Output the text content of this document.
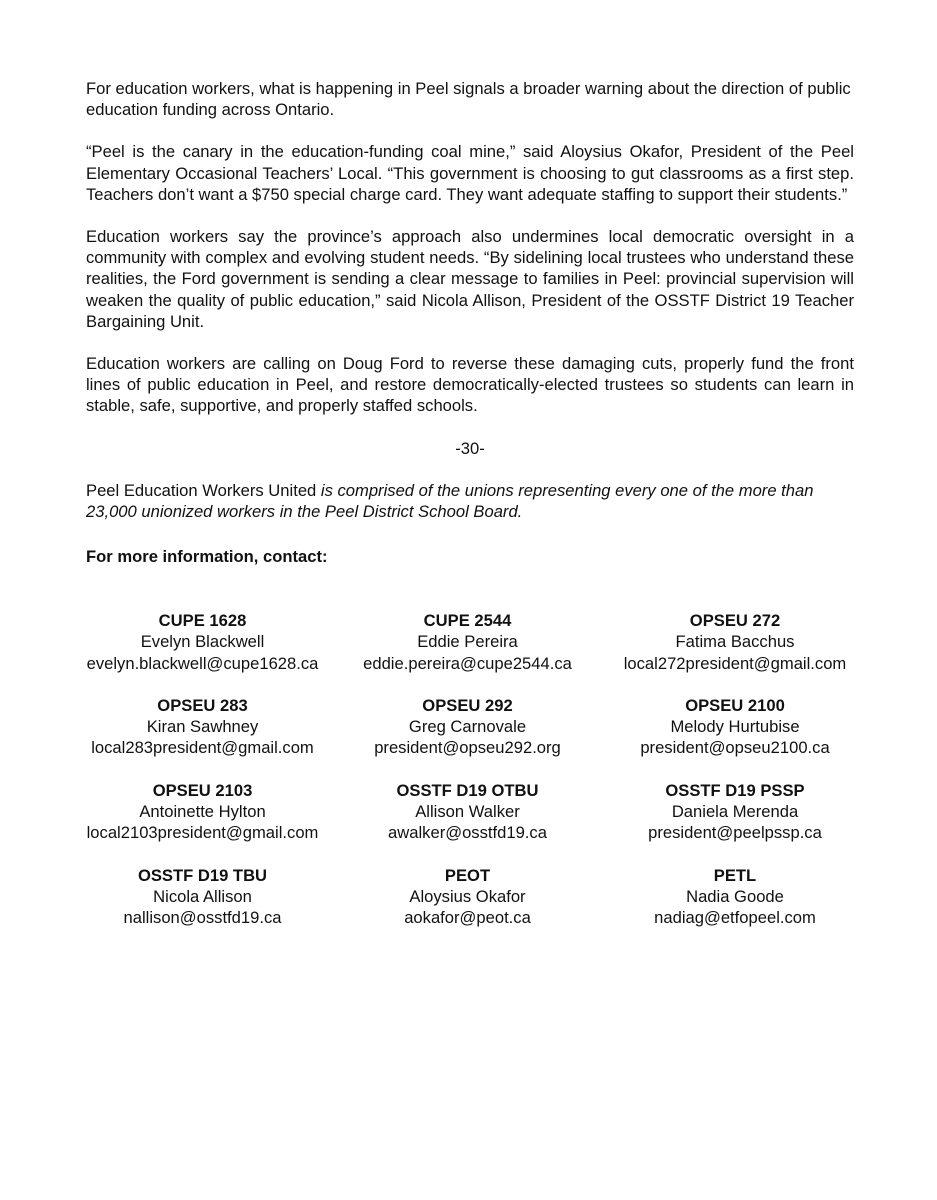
For education workers, what is happening in Peel signals a broader warning about the direction of public education funding across Ontario.

“Peel is the canary in the education-funding coal mine,” said Aloysius Okafor, President of the Peel Elementary Occasional Teachers’ Local. “This government is choosing to gut classrooms as a first step. Teachers don’t want a $750 special charge card. They want adequate staffing to support their students.”

Education workers say the province’s approach also undermines local democratic oversight in a community with complex and evolving student needs. “By sidelining local trustees who understand these realities, the Ford government is sending a clear message to families in Peel: provincial supervision will weaken the quality of public education,” said Nicola Allison, President of the OSSTF District 19 Teacher Bargaining Unit.

Education workers are calling on Doug Ford to reverse these damaging cuts, properly fund the front lines of public education in Peel, and restore democratically-elected trustees so students can learn in stable, safe, supportive, and properly staffed schools.

-30-

Peel Education Workers United is comprised of the unions representing every one of the more than 23,000 unionized workers in the Peel District School Board.

For more information, contact:
CUPE 1628
Evelyn Blackwell
evelyn.blackwell@cupe1628.ca
CUPE 2544
Eddie Pereira
eddie.pereira@cupe2544.ca
OPSEU 272
Fatima Bacchus
local272president@gmail.com
OPSEU 283
Kiran Sawhney
local283president@gmail.com
OPSEU 292
Greg Carnovale
president@opseu292.org
OPSEU 2100
Melody Hurtubise
president@opseu2100.ca
OPSEU 2103
Antoinette Hylton
local2103president@gmail.com
OSSTF D19 OTBU
Allison Walker
awalker@osstfd19.ca
OSSTF D19 PSSP
Daniela Merenda
president@peelpssp.ca
OSSTF D19 TBU
Nicola Allison
nallison@osstfd19.ca
PEOT
Aloysius Okafor
aokafor@peot.ca
PETL
Nadia Goode
nadiag@etfopeel.com
